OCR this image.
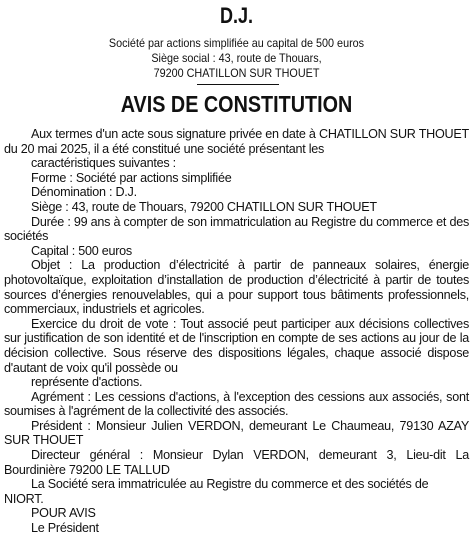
D.J.
Société par actions simplifiée au capital de 500 euros
Siège social : 43, route de Thouars,
79200 CHATILLON SUR THOUET
AVIS DE CONSTITUTION

Aux termes d'un acte sous signature privée en date à CHATILLON SUR THOUET du 20 mai 2025, il a été constitué une société présentant les

caractéristiques suivantes :

Forme : Société par actions simplifiée

Dénomination : D.J.

Siège : 43, route de Thouars, 79200 CHATILLON SUR THOUET

Durée : 99 ans à compter de son immatriculation au Registre du commerce et des sociétés

Capital : 500 euros

Objet : La production d’électricité à partir de panneaux solaires, énergie photovoltaïque, exploitation d’installation de production d’électricité à partir de toutes sources d’énergies renouvelables, qui a pour support tous bâtiments professionnels, commerciaux, industriels et agricoles.

Exercice du droit de vote : Tout associé peut participer aux décisions collectives sur justification de son identité et de l'inscription en compte de ses actions au jour de la décision collective. Sous réserve des dispositions légales, chaque associé dispose d'autant de voix qu'il possède ou

représente d'actions.

Agrément : Les cessions d'actions, à l'exception des cessions aux associés, sont soumises à l'agrément de la collectivité des associés.

Président : Monsieur Julien VERDON, demeurant Le Chaumeau, 79130 AZAY SUR THOUET

Directeur général : Monsieur Dylan VERDON, demeurant 3, Lieu-dit La Bourdinière 79200 LE TALLUD

La Société sera immatriculée au Registre du commerce et des sociétés de NIORT.

POUR AVIS

Le Président
